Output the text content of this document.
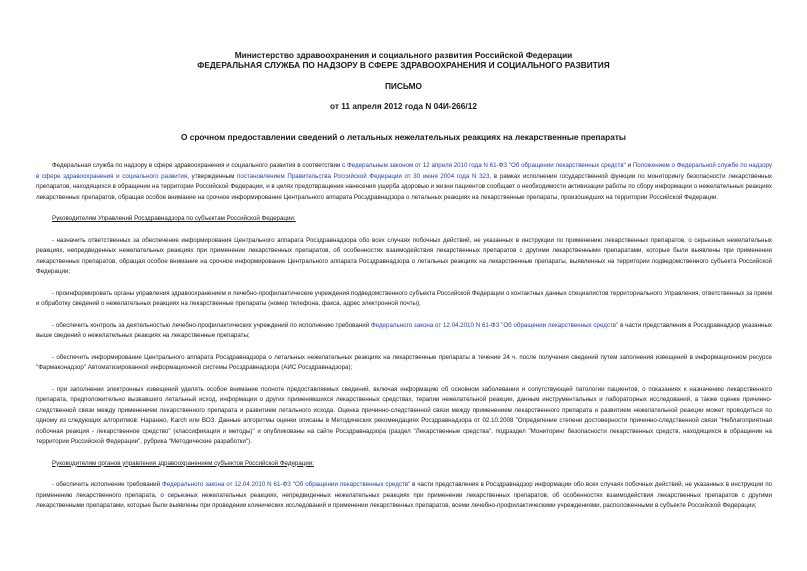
Министерство здравоохранения и социального развития Российской Федерации
ФЕДЕРАЛЬНАЯ СЛУЖБА ПО НАДЗОРУ В СФЕРЕ ЗДРАВООХРАНЕНИЯ И СОЦИАЛЬНОГО РАЗВИТИЯ
ПИСЬМО
от 11 апреля 2012 года N 04И-266/12
О срочном предоставлении сведений о летальных нежелательных реакциях на лекарственные препараты

Федеральная служба по надзору в сфере здравоохранения и социального развития в соответствии с Федеральным законом от 12 апреля 2010 года N 61-ФЗ "Об обращении лекарственных средств" и Положением о Федеральной службе по надзору в сфере здравоохранения и социального развития, утвержденным постановлением Правительства Российской Федерации от 30 июня 2004 года N 323, в рамках исполнения государственной функции по мониторингу безопасности лекарственных препаратов, находящихся в обращении на территории Российской Федерации, и в целях предотвращения нанесения ущерба здоровью и жизни пациентов сообщает о необходимости активизации работы по сбору информации о нежелательных реакциях лекарственных препаратов, обращая особое внимание на срочное информирование Центрального аппарата Росздравнадзора о летальных реакциях на лекарственные препараты, произошедших на территории Российской Федерации.

Руководителям Управлений Росздравнадзора по субъектам Российской Федерации:

- назначить ответственных за обеспечение информирования Центрального аппарата Росздравнадзора обо всех случаях побочных действий, не указанных в инструкции по применению лекарственных препаратов, о серьезных нежелательных реакциях, непредвиденных нежелательных реакциях при применении лекарственных препаратов, об особенностях взаимодействия лекарственных препаратов с другими лекарственными препаратами, которые были выявлены при применении лекарственных препаратов, обращая особое внимание на срочное информирование Центрального аппарата Росздравнадзора о летальных реакциях на лекарственные препараты, выявленных на территории подведомственного субъекта Российской Федерации;

- проинформировать органы управления здравоохранением и лечебно-профилактические учреждения подведомственного субъекта Российской Федерации о контактных данных специалистов территориального Управления, ответственных за прием и обработку сведений о нежелательных реакциях на лекарственные препараты (номер телефона, факса, адрес электронной почты);

- обеспечить контроль за деятельностью лечебно-профилактических учреждений по исполнению требований Федерального закона от 12.04.2010 N 61-ФЗ "Об обращении лекарственных средств" в части представления в Росздравнадзор указанных выше сведений о нежелательных реакциях на лекарственные препараты;

- обеспечить информирование Центрального аппарата Росздравнадзора о летальных нежелательных реакциях на лекарственные препараты в течение 24 ч. после получения сведений путем заполнения извещений в информационном ресурсе "Фармаконадзор" Автоматизированной информационной системы Росздравнадзора (АИС Росздравнадзора);

- при заполнении электронных извещений уделять особое внимание полноте предоставляемых сведений, включая информацию об основном заболевании и сопутствующей патологии пациентов, о показаниях к назначению лекарственного препарата, предположительно вызвавшего летальный исход, информации о других применявшихся лекарственных средствах, терапии нежелательной реакции, данным инструментальных и лабораторных исследований, а также оценке причинно-следственной связи между применением лекарственного препарата и развитием летального исхода. Оценка причинно-следственной связи между применением лекарственного препарата и развитием нежелательной реакции может проводиться по одному из следующих алгоритмов: Наранжо, Karch или ВОЗ. Данные алгоритмы оценки описаны в Методических рекомендациях Росздравнадзора от 02.10.2008 "Определение степени достоверности причинно-следственной связи "Неблагоприятная побочная реакция - лекарственное средство" (классификация и методы)" и опубликованы на сайте Росздравнадзора (раздел "Лекарственные средства", подраздел "Мониторинг безопасности лекарственных средств, находящихся в обращении на территории Российской Федерации", рубрика "Методические разработки").

Руководителям органов управления здравоохранением субъектов Российской Федерации:

- обеспечить исполнение требований Федерального закона от 12.04.2010 N 61-ФЗ "Об обращении лекарственных средств" в части представления в Росздравнадзор информации обо всех случаях побочных действий, не указанных в инструкции по применению лекарственного препарата, о серьезных нежелательных реакциях, непредвиденных нежелательных реакциях при применении лекарственных препаратов, об особенностях взаимодействия лекарственных препаратов с другими лекарственными препаратами, которые были выявлены при проведении клинических исследований и применении лекарственных препаратов, всеми лечебно-профилактическими учреждениями, расположенными в субъекте Российской Федерации;
